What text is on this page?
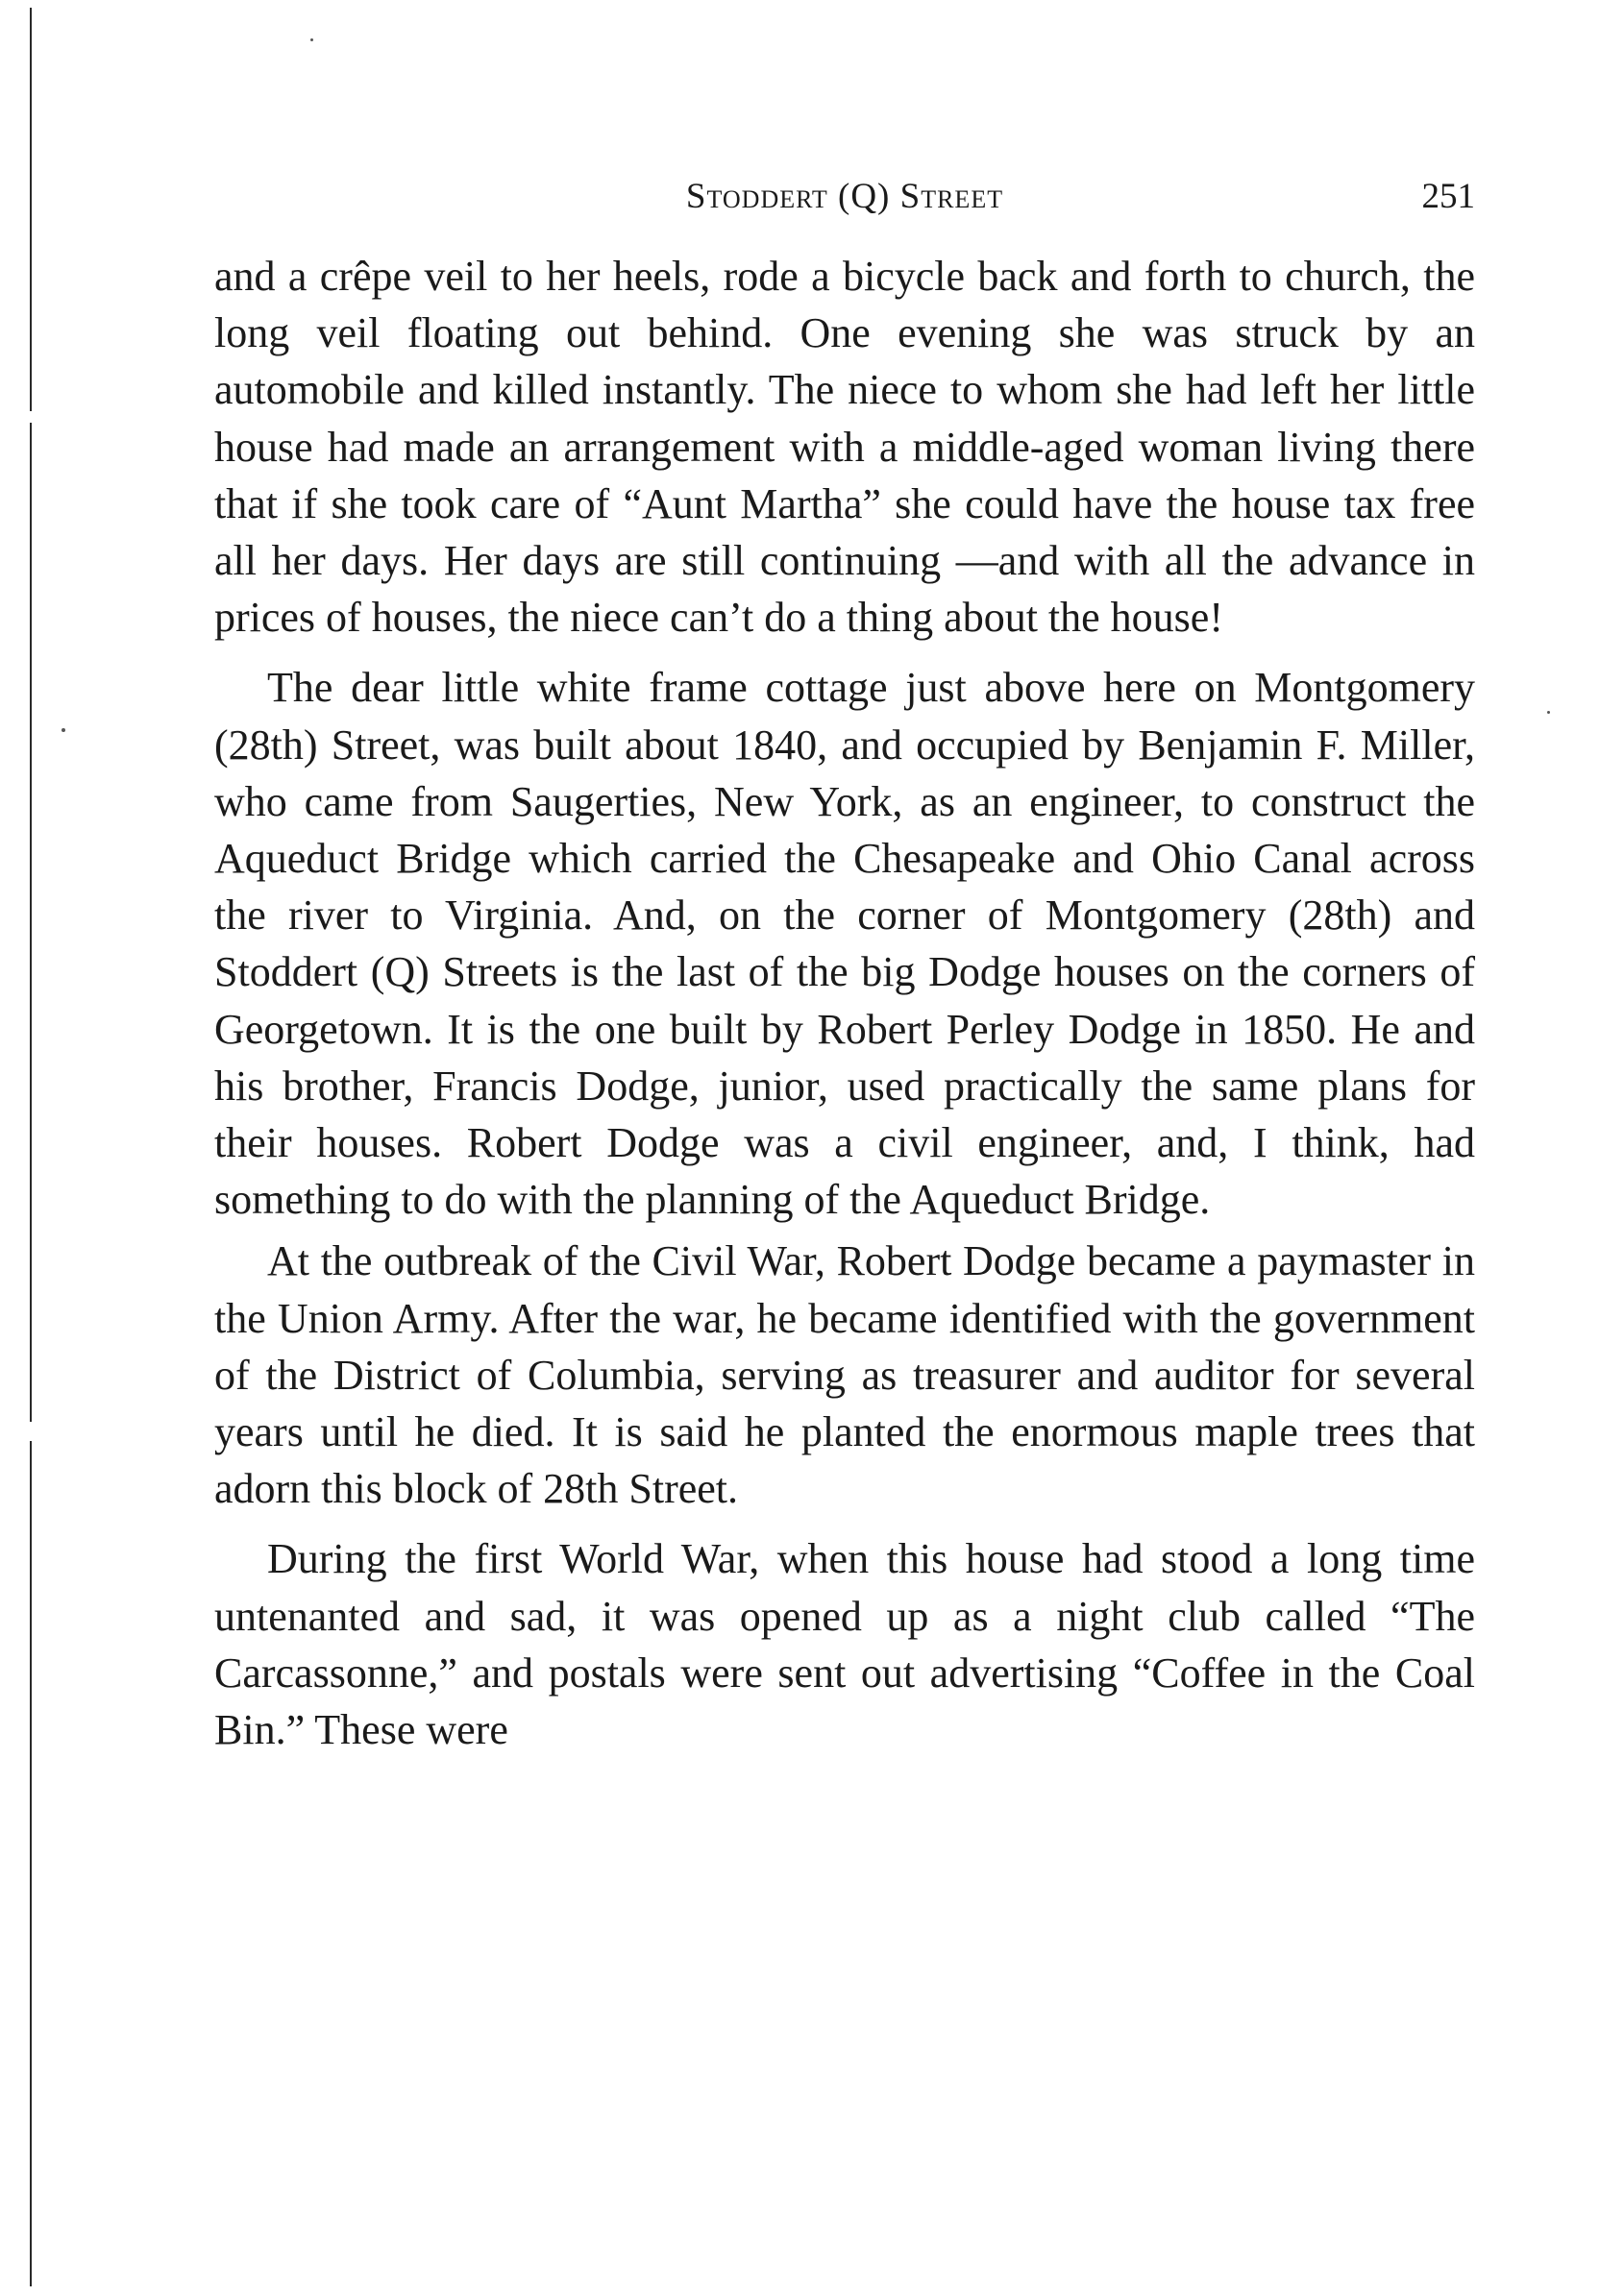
Stoddert (Q) Street	251

and a crêpe veil to her heels, rode a bicycle back and forth to church, the long veil floating out behind. One evening she was struck by an automobile and killed instantly. The niece to whom she had left her little house had made an arrangement with a middle-aged woman living there that if she took care of “Aunt Martha” she could have the house tax free all her days. Her days are still continuing —and with all the advance in prices of houses, the niece can’t do a thing about the house!

The dear little white frame cottage just above here on Montgomery (28th) Street, was built about 1840, and occupied by Benjamin F. Miller, who came from Saugerties, New York, as an engineer, to construct the Aqueduct Bridge which carried the Chesapeake and Ohio Canal across the river to Virginia. And, on the corner of Montgomery (28th) and Stoddert (Q) Streets is the last of the big Dodge houses on the corners of Georgetown. It is the one built by Robert Perley Dodge in 1850. He and his brother, Francis Dodge, junior, used practically the same plans for their houses. Robert Dodge was a civil engineer, and, I think, had something to do with the planning of the Aqueduct Bridge.

At the outbreak of the Civil War, Robert Dodge became a paymaster in the Union Army. After the war, he became identified with the government of the District of Columbia, serving as treasurer and auditor for several years until he died. It is said he planted the enormous maple trees that adorn this block of 28th Street.

During the first World War, when this house had stood a long time untenanted and sad, it was opened up as a night club called “The Carcassonne,” and postals were sent out advertising “Coffee in the Coal Bin.” These were
